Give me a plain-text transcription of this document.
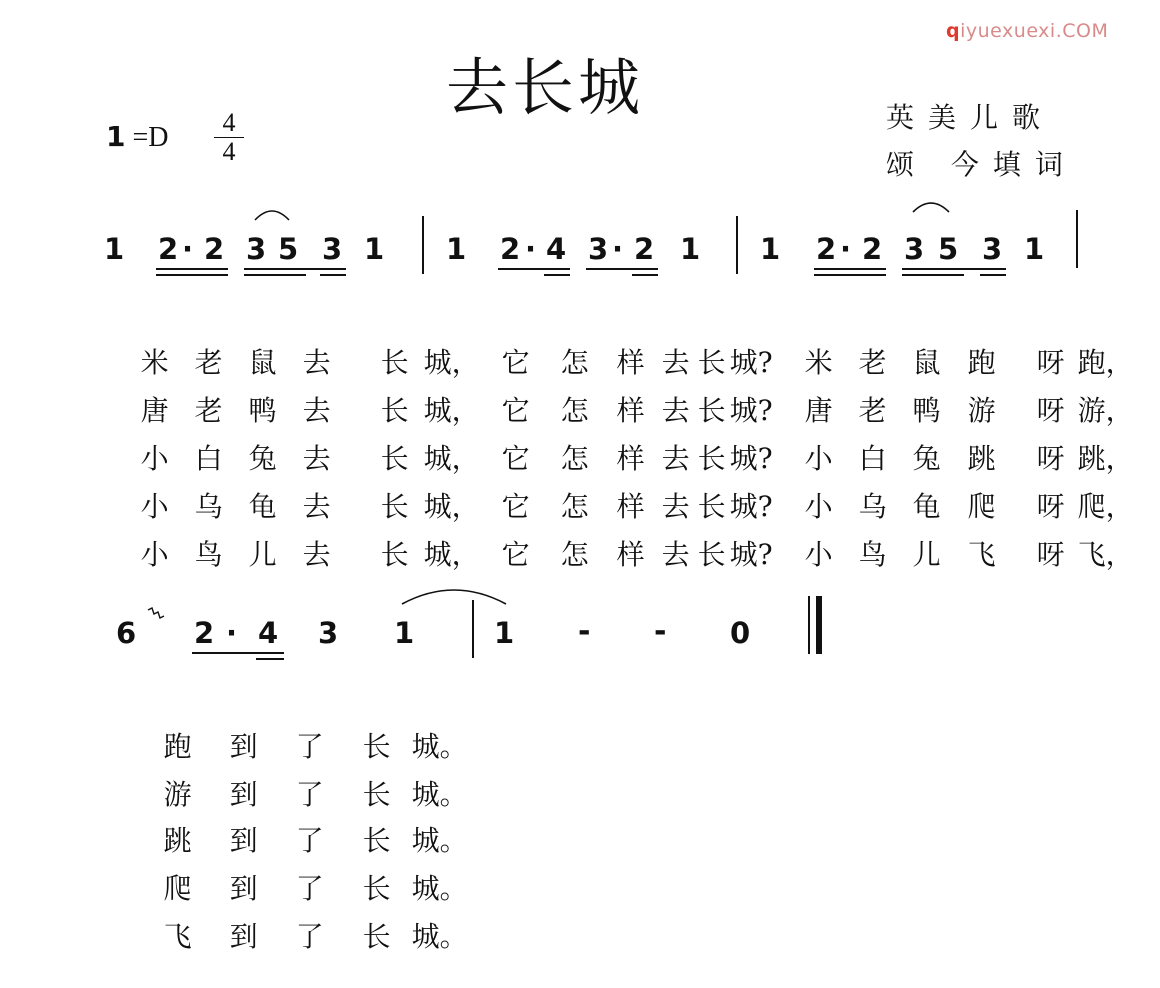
qiyuexuexi.COM
去长城
1 =D	4
4
英美儿歌
颂 今填词
1 2 · 2 3 5 3 1 1 2 · 4 3 · 2 1 1 2 · 2 3 5 3 1

米 老 鼠 去 长 城， 它 怎 样 去 长 城? 米 老 鼠 跑 呀 跑，

唐 老 鸭 去 长 城， 它 怎 样 去 长 城? 唐 老 鸭 游 呀 游，

小 白 兔 去 长 城， 它 怎 样 去 长 城? 小 白 兔 跳 呀 跳，

小 乌 龟 去 长 城， 它 怎 样 去 长 城? 小 乌 龟 爬 呀 爬，

小 鸟 儿 去 长 城， 它 怎 样 去 长 城? 小 鸟 儿 飞 呀 飞，

6 2 · 4 3 1	1 - - 0

跑 到 了 长 城。

游 到 了 长 城。

跳 到 了 长 城。

爬 到 了 长 城。

飞 到 了 长 城。
